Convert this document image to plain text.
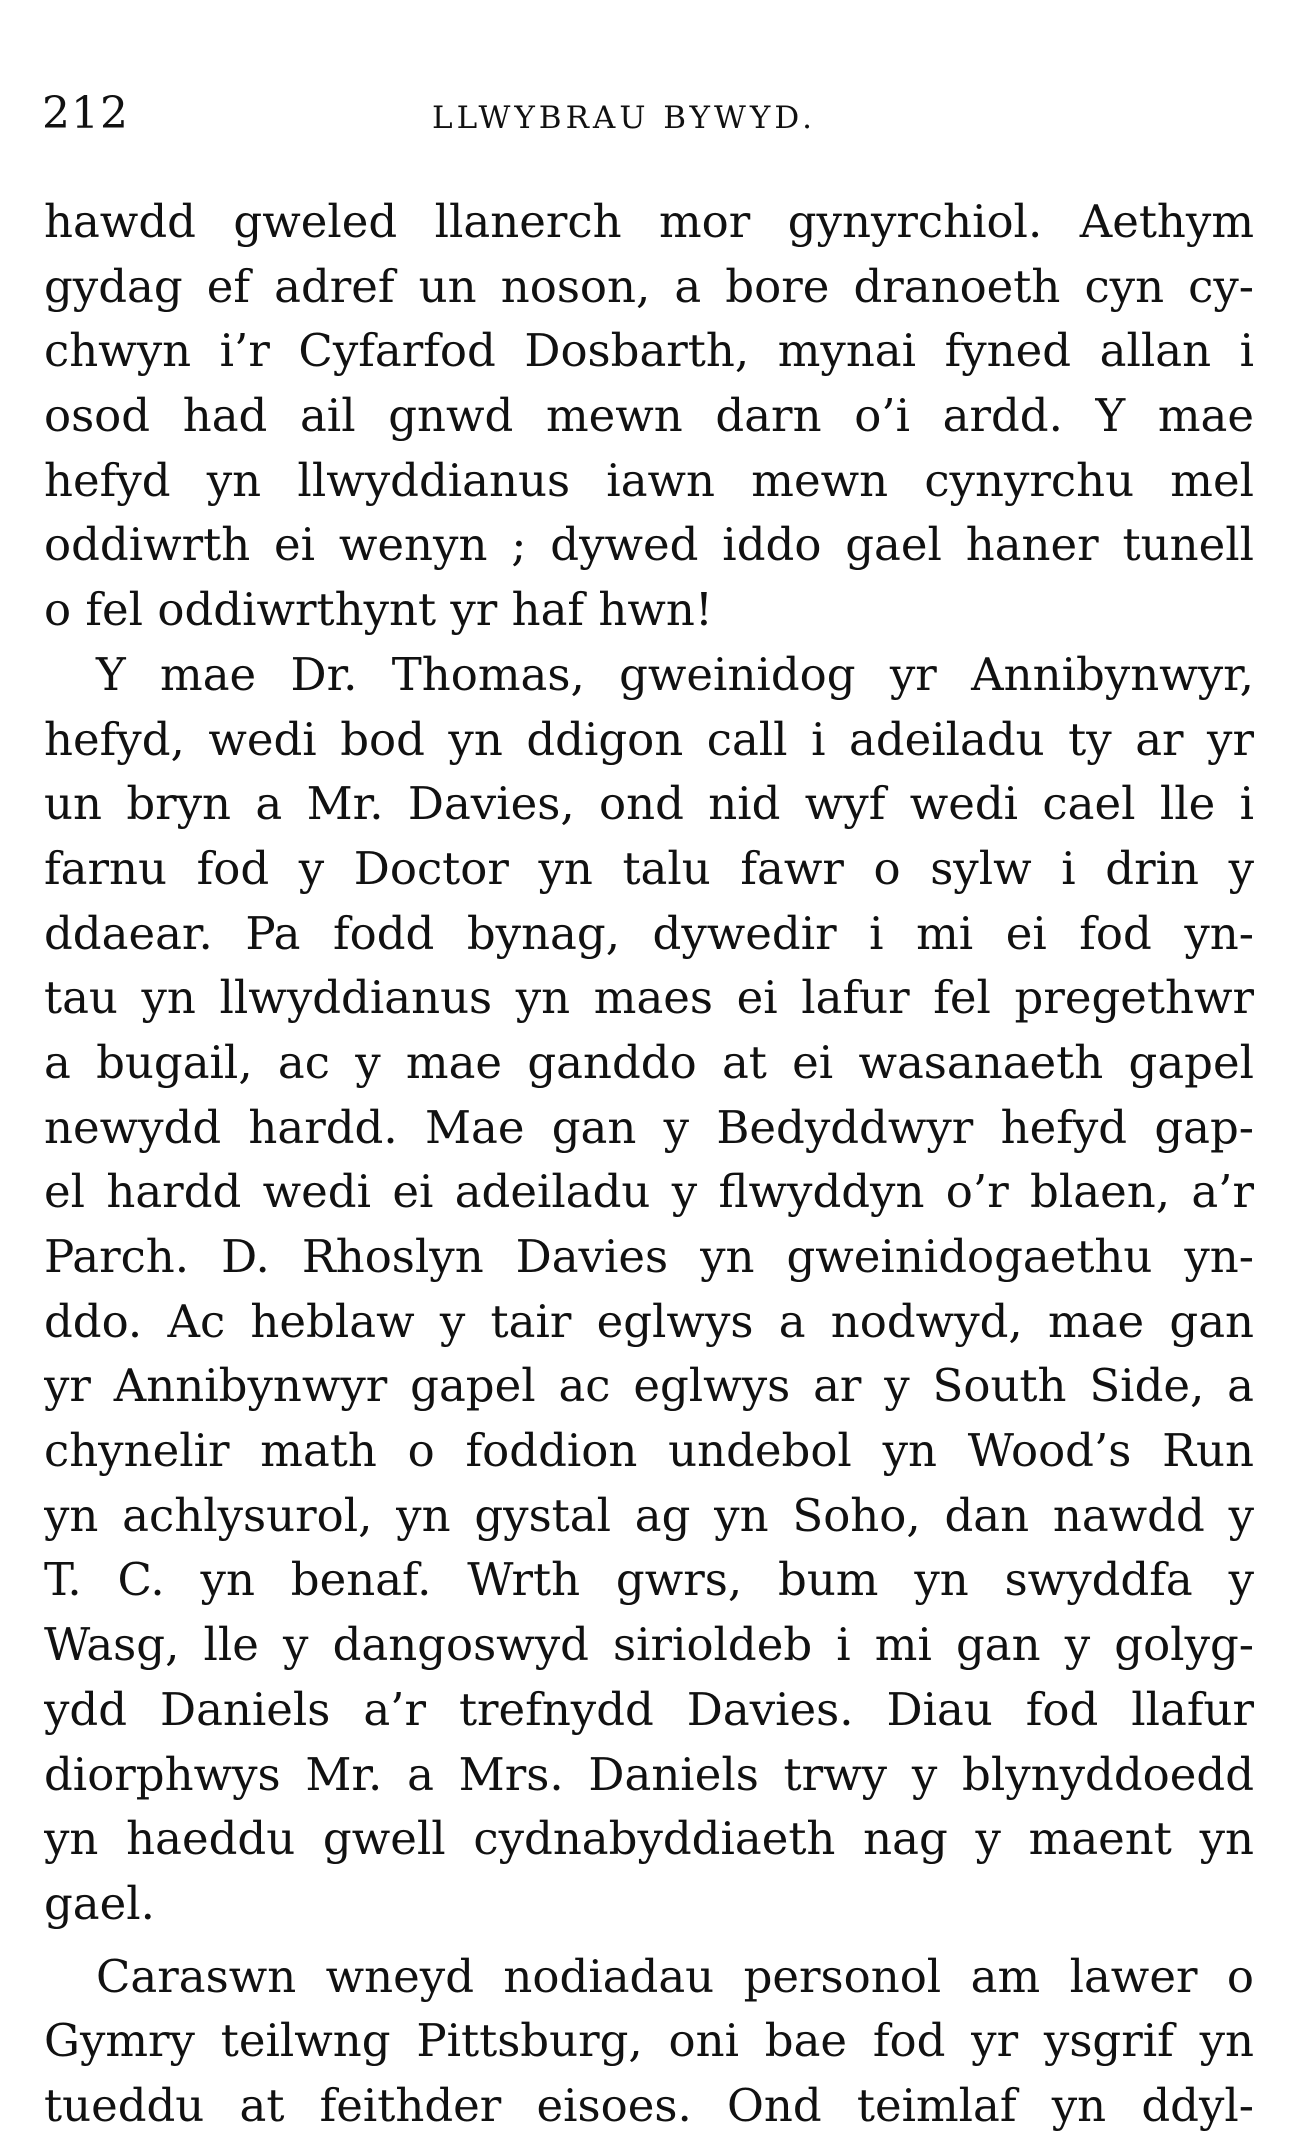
212	LLWYBRAU BYWYD.
hawdd gweled llanerch mor gynyrchiol. Aethym
gydag ef adref un noson, a bore dranoeth cyn cy-
chwyn i’r Cyfarfod Dosbarth, mynai fyned allan i
osod had ail gnwd mewn darn o’i ardd. Y mae
hefyd yn llwyddianus iawn mewn cynyrchu mel
oddiwrth ei wenyn ; dywed iddo gael haner tunell
o fel oddiwrthynt yr haf hwn!
Y mae Dr. Thomas, gweinidog yr Annibynwyr,
hefyd, wedi bod yn ddigon call i adeiladu ty ar yr
un bryn a Mr. Davies, ond nid wyf wedi cael lle i
farnu fod y Doctor yn talu fawr o sylw i drin y
ddaear. Pa fodd bynag, dywedir i mi ei fod yn-
tau yn llwyddianus yn maes ei lafur fel pregethwr
a bugail, ac y mae ganddo at ei wasanaeth gapel
newydd hardd. Mae gan y Bedyddwyr hefyd gap-
el hardd wedi ei adeiladu y flwyddyn o’r blaen, a’r
Parch. D. Rhoslyn Davies yn gweinidogaethu yn-
ddo. Ac heblaw y tair eglwys a nodwyd, mae gan
yr Annibynwyr gapel ac eglwys ar y South Side, a
chynelir math o foddion undebol yn Wood’s Run
yn achlysurol, yn gystal ag yn Soho, dan nawdd y
T. C. yn benaf. Wrth gwrs, bum yn swyddfa y
Wasg, lle y dangoswyd sirioldeb i mi gan y golyg-
ydd Daniels a’r trefnydd Davies. Diau fod llafur
diorphwys Mr. a Mrs. Daniels trwy y blynyddoedd
yn haeddu gwell cydnabyddiaeth nag y maent yn
gael.
Caraswn wneyd nodiadau personol am lawer o
Gymry teilwng Pittsburg, oni bae fod yr ysgrif yn
tueddu at feithder eisoes. Ond teimlaf yn ddyl-
